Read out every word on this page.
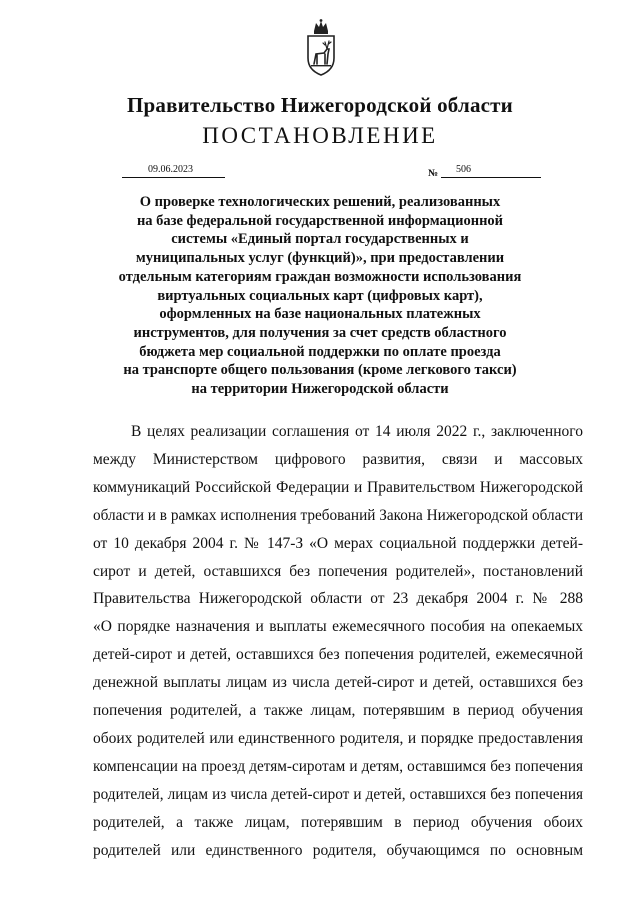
Правительство Нижегородской области
ПОСТАНОВЛЕНИЕ
09.06.2023	№	506
О проверке технологических решений, реализованных
на базе федеральной государственной информационной
системы «Единый портал государственных и
муниципальных услуг (функций)», при предоставлении
отдельным категориям граждан возможности использования
виртуальных социальных карт (цифровых карт),
оформленных на базе национальных платежных
инструментов, для получения за счет средств областного
бюджета мер социальной поддержки по оплате проезда
на транспорте общего пользования (кроме легкового такси)
на территории Нижегородской области
В целях реализации соглашения от 14 июля 2022 г., заключенного
между Министерством цифрового развития, связи и массовых
коммуникаций Российской Федерации и Правительством Нижегородской
области и в рамках исполнения требований Закона Нижегородской области
от 10 декабря 2004 г. № 147-З «О мерах социальной поддержки детей-
сирот и детей, оставшихся без попечения родителей», постановлений
Правительства Нижегородской области от 23 декабря 2004 г. № 288
«О порядке назначения и выплаты ежемесячного пособия на опекаемых
детей-сирот и детей, оставшихся без попечения родителей, ежемесячной
денежной выплаты лицам из числа детей-сирот и детей, оставшихся без
попечения родителей, а также лицам, потерявшим в период обучения
обоих родителей или единственного родителя, и порядке предоставления
компенсации на проезд детям-сиротам и детям, оставшимся без попечения
родителей, лицам из числа детей-сирот и детей, оставшихся без попечения
родителей, а также лицам, потерявшим в период обучения обоих
родителей или единственного родителя, обучающимся по основным
